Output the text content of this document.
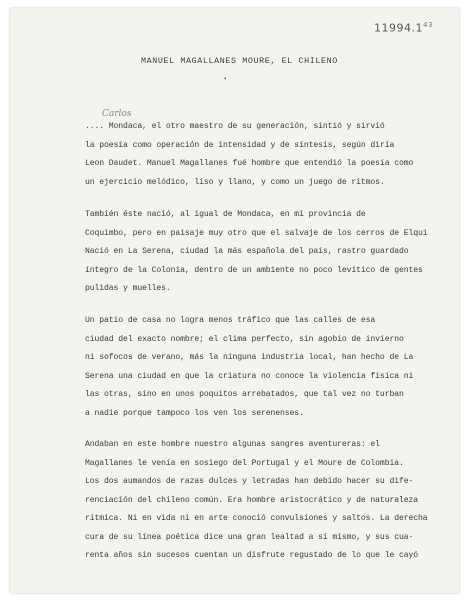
11994.1$^{43}$
MANUEL MAGALLANES MOURE, EL CHILENO
•
Carlos
.... Mondaca, el otro maestro de su generación, sintió y sirvió
la poesía como operación de intensidad y de síntesis, según diría
Leon Daudet. Manuel Magallanes fué hombre que entendió la poesía como
un ejercicio melódico, liso y llano, y como un juego de ritmos.
También éste nació, al igual de Mondaca, en mi provincia de
Coquimbo, pero en paisaje muy otro que el salvaje de los cerros de Elqui
Nació en La Serena, ciudad la más española del país, rastro guardado
íntegro de la Colonia, dentro de un ambiente no poco levítico de gentes
pulidas y muelles.
Un patio de casa no logra menos tráfico que las calles de esa
ciudad del exacto nombre; el clima perfecto, sin agobio de invierno
ni sofocos de verano, más la ninguna industria local, han hecho de La
Serena una ciudad en que la criatura no conoce la violencia física ni
las otras, sino en unos poquitos arrebatados, que tal vez no turban
a nadie porque tampoco los ven los serenenses.
Andaban en este hombre nuestro algunas sangres aventureras: el
Magallanes le venía en sosiego del Portugal y el Moure de Colombia.
Los dos aumandos de razas dulces y letradas han debido hacer su dife-
renciación del chileno común. Era hombre aristocrático y de naturaleza
rítmica. Ni en vida ni en arte conoció convulsiones y saltos. La derecha
cura de su línea poética dice una gran lealtad a sí mismo, y sus cua-
renta años sin sucesos cuentan un disfrute regustado de lo que le cayó
